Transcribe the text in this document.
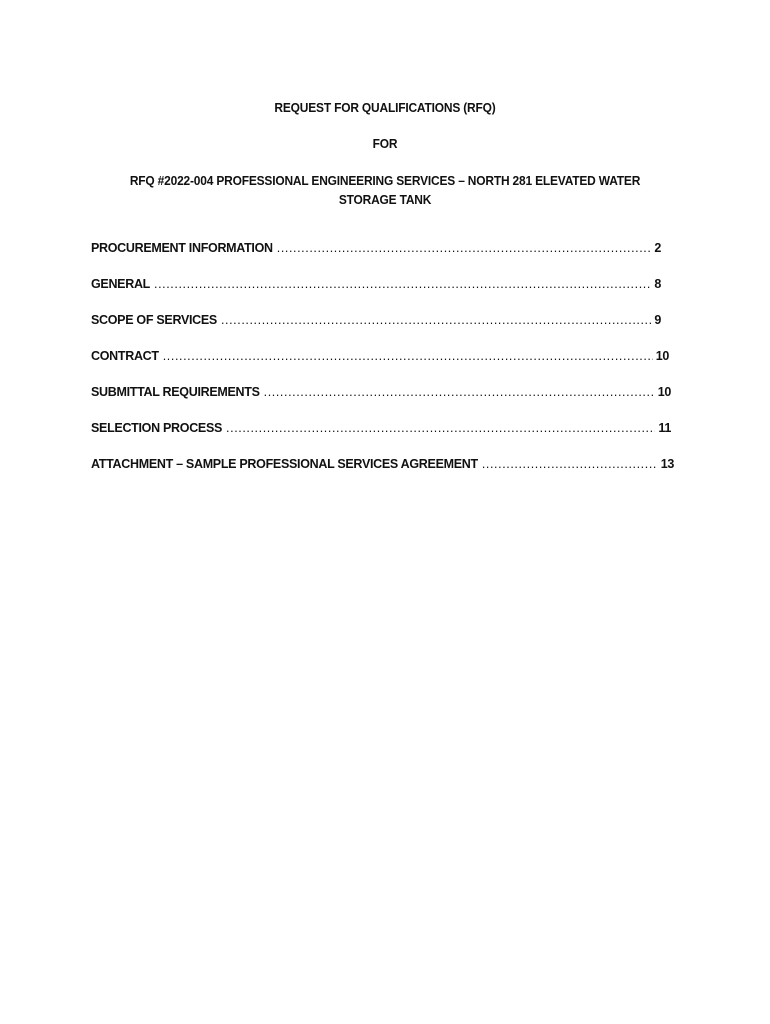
REQUEST FOR QUALIFICATIONS (RFQ)
FOR
RFQ #2022-004 PROFESSIONAL ENGINEERING SERVICES – NORTH 281 ELEVATED WATER STORAGE TANK
PROCUREMENT INFORMATION .....	2
GENERAL .....	8
SCOPE OF SERVICES .....	9
CONTRACT .....	10
SUBMITTAL REQUIREMENTS .....	10
SELECTION PROCESS .....	11
ATTACHMENT – SAMPLE PROFESSIONAL SERVICES AGREEMENT .....	13
